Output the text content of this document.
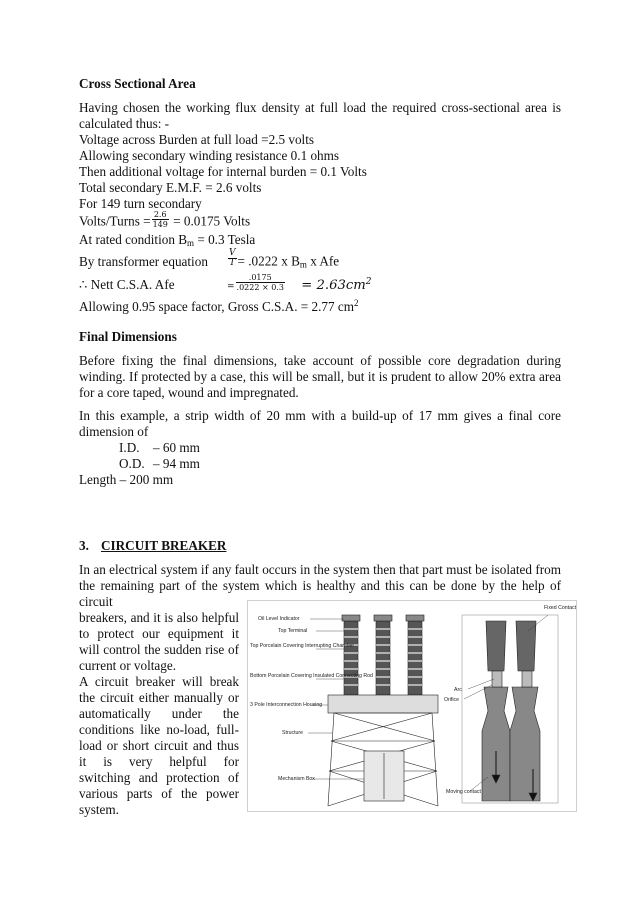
Cross Sectional Area

Having chosen the working flux density at full load the required cross-sectional area is calculated thus: -

Voltage across Burden at full load =2.5 volts
Allowing secondary winding resistance 0.1 ohms
Then additional voltage for internal burden = 0.1 Volts
Total secondary E.M.F. = 2.6 volts
For 149 turn secondary
Volts/Turns = $\frac{2.6}{149} = 0.0175$ Volts
At rated condition $B_m = 0.3$ Tesla
By transformer equation $\frac{V}{T} = .0222$ x $B_m$ x Afe
∴ Nett C.S.A. Afe	= $\frac{.0175}{.0222 \times 0.3} = 2.63cm^2$
Allowing 0.95 space factor, Gross C.S.A. = 2.77 $cm^2$
Final Dimensions

Before fixing the final dimensions, take account of possible core degradation during winding. If protected by a case, this will be small, but it is prudent to allow 20% extra area for a core taped, wound and impregnated.

In this example, a strip width of 20 mm with a build-up of 17 mm gives a final core dimension of

I.D. – 60 mm
O.D. – 94 mm
Length – 200 mm
3. CIRCUIT BREAKER

In an electrical system if any fault occurs in the system then that part must be isolated from the remaining part of the system which is healthy and this can be done by the help of circuit

breakers, and it is also helpful to protect our equipment it will control the sudden rise of current or voltage.

A circuit breaker will break the circuit either manually or automatically under the conditions like no-load, full-load or short circuit and thus it is very helpful for switching and protection of various parts of the power system.

Oil Level Indicator
Top Terminal
Top Porcelain Covering Interrupting Chamber
Bottom Porcelain Covering Insulated Connecting Rod
3 Pole Interconnection Housing
Structure
Mechanism Box
Fixed Contact
Arc
Orifice
Moving contact
